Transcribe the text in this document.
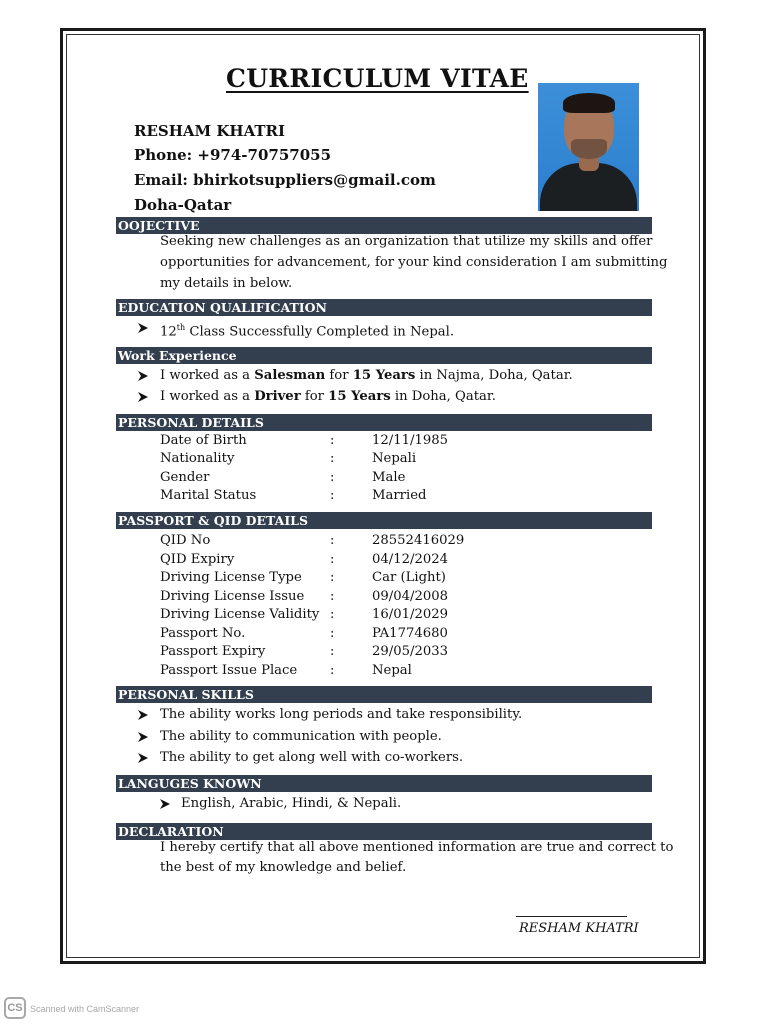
CURRICULUM VITAE
RESHAM KHATRI
Phone: +974-70757055
Email: bhirkotsuppliers@gmail.com
Doha-Qatar
OOJECTIVE
Seeking new challenges as an organization that utilize my skills and offer
opportunities for advancement, for your kind consideration I am submitting
my details in below.
EDUCATION QUALIFICATION
12th Class Successfully Completed in Nepal.
Work Experience
I worked as a Salesman for 15 Years in Najma, Doha, Qatar.
I worked as a Driver for 15 Years in Doha, Qatar.
PERSONAL DETAILS
Date of Birth	:	12/11/1985
Nationality	:	Nepali
Gender	:	Male
Marital Status	:	Married
PASSPORT & QID DETAILS
QID No	:	28552416029
QID Expiry	:	04/12/2024
Driving License Type :	Car (Light)
Driving License Issue :	09/04/2008
Driving License Validity :	16/01/2029
Passport No.	:	PA1774680
Passport Expiry	:	29/05/2033
Passport Issue Place	:	Nepal
PERSONAL SKILLS
The ability works long periods and take responsibility.
The ability to communication with people.
The ability to get along well with co-workers.
LANGUGES KNOWN
English, Arabic, Hindi, & Nepali.
DECLARATION
I hereby certify that all above mentioned information are true and correct to
the best of my knowledge and belief.
RESHAM KHATRI
CS Scanned with CamScanner
